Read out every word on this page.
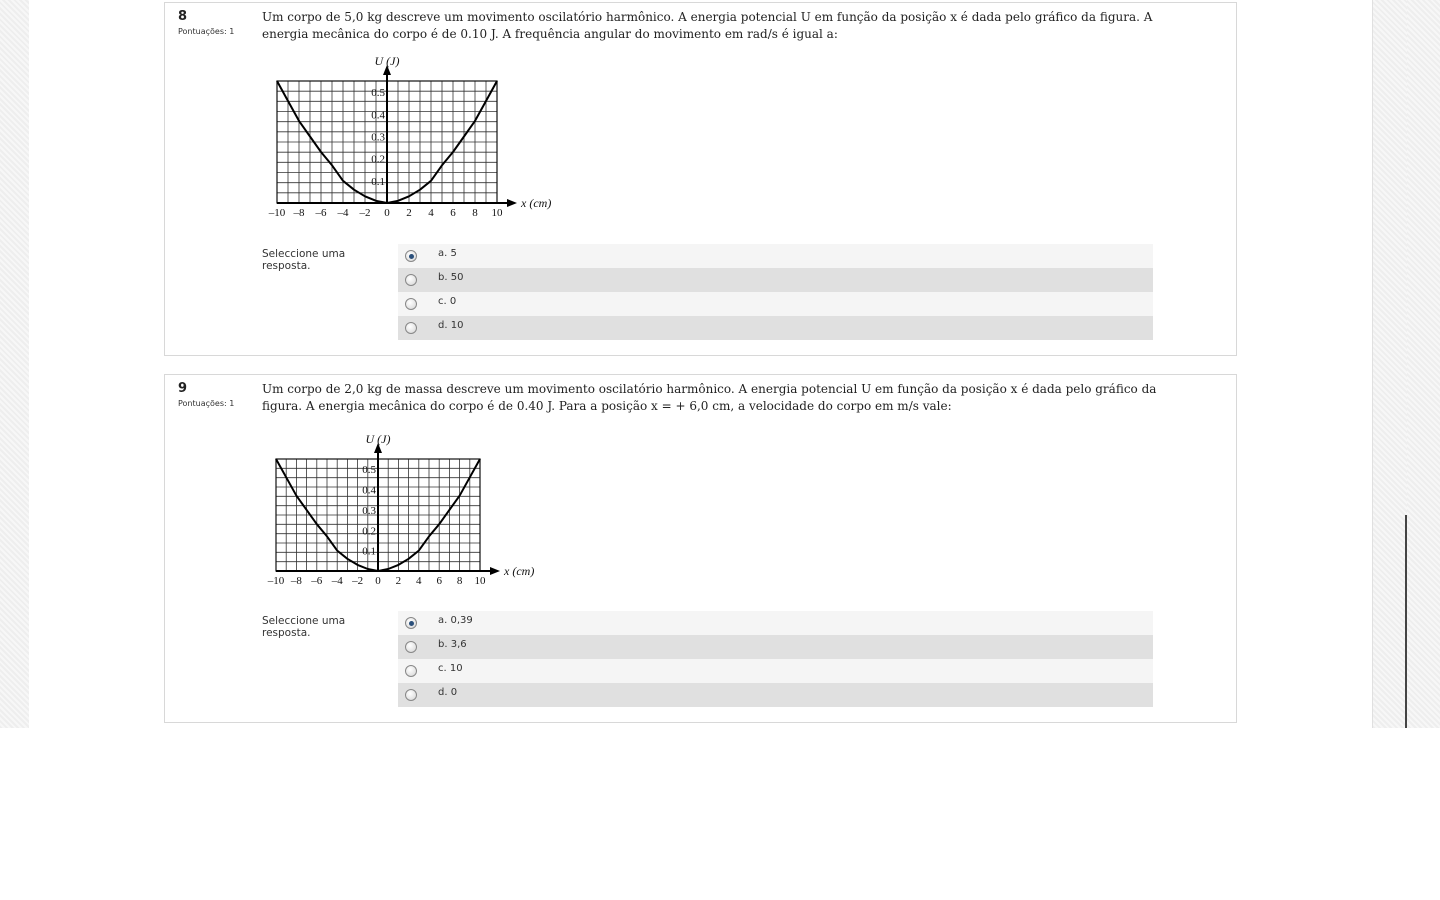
8
Pontuações: 1
Um corpo de 5,0 kg descreve um movimento oscilatório harmônico. A energia potencial U em função da posição x é dada pelo gráfico da figura. A energia mecânica do corpo é de 0.10 J. A frequência angular do movimento em rad/s é igual a:
U (J)
x (cm)
–10 –8 –6 –4 –2 0 2 4 6 8 10
0.1
0.2
0.3
0.4
0.5
Seleccione uma resposta.
a. 5
b. 50
c. 0
d. 10
9
Pontuações: 1
Um corpo de 2,0 kg de massa descreve um movimento oscilatório harmônico. A energia potencial U em função da posição x é dada pelo gráfico da figura. A energia mecânica do corpo é de 0.40 J. Para a posição x = + 6,0 cm, a velocidade do corpo em m/s vale:
U (J)
x (cm)
–10 –8 –6 –4 –2 0 2 4 6 8 10
0.1
0.2
0.3
0.4
0.5
Seleccione uma resposta.
a. 0,39
b. 3,6
c. 10
d. 0
